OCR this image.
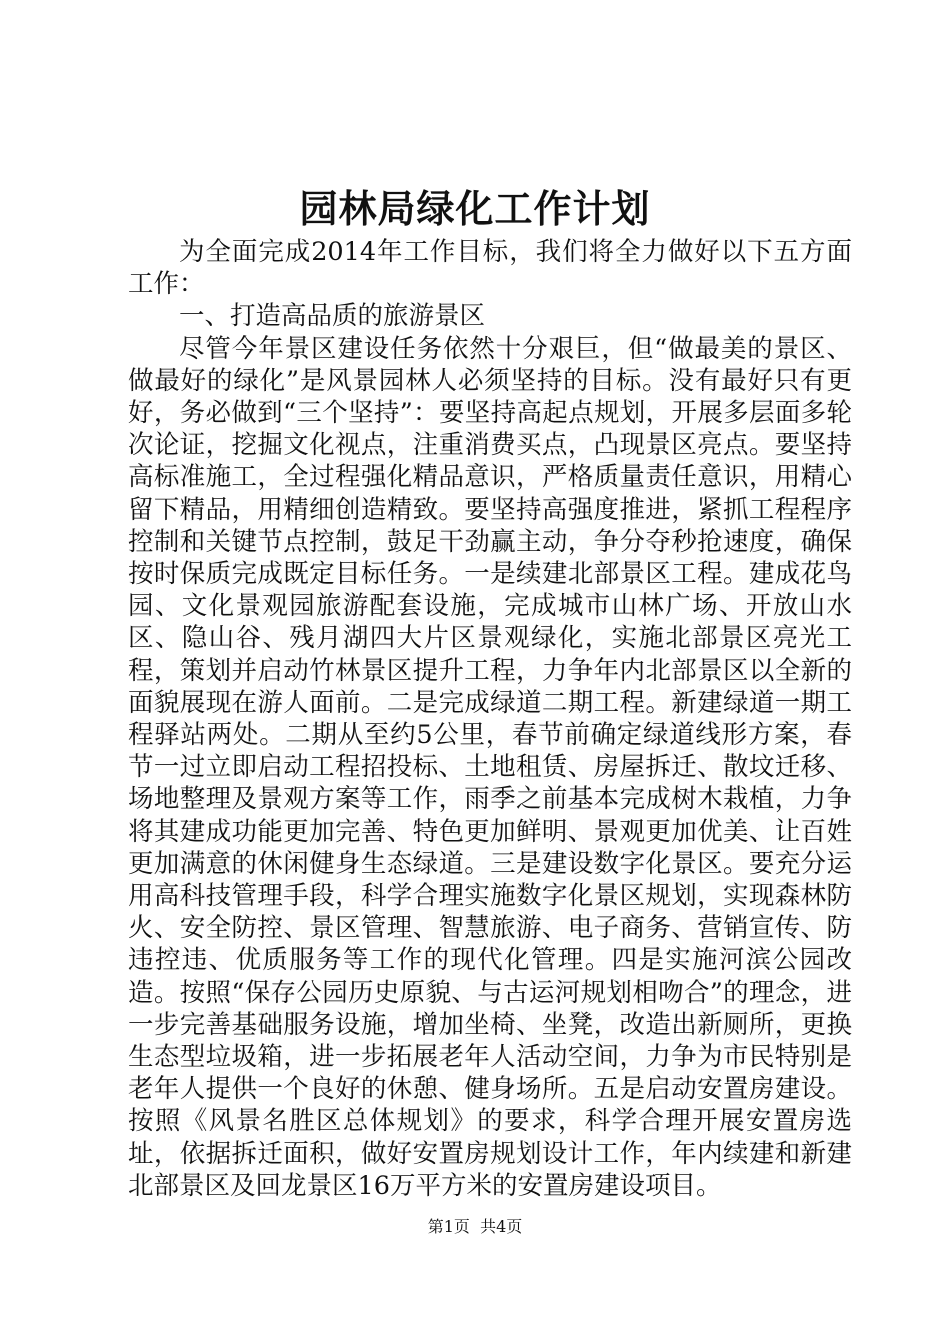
园林局绿化工作计划

为全面完成2014年工作目标，我们将全力做好以下五方面工作：

一、打造高品质的旅游景区

尽管今年景区建设任务依然十分艰巨，但“做最美的景区、做最好的绿化”是风景园林人必须坚持的目标。没有最好只有更好，务必做到“三个坚持”：要坚持高起点规划，开展多层面多轮次论证，挖掘文化视点，注重消费买点，凸现景区亮点。要坚持高标准施工，全过程强化精品意识，严格质量责任意识，用精心留下精品，用精细创造精致。要坚持高强度推进，紧抓工程程序控制和关键节点控制，鼓足干劲赢主动，争分夺秒抢速度，确保按时保质完成既定目标任务。一是续建北部景区工程。建成花鸟园、文化景观园旅游配套设施，完成城市山林广场、开放山水区、隐山谷、残月湖四大片区景观绿化，实施北部景区亮光工程，策划并启动竹林景区提升工程，力争年内北部景区以全新的面貌展现在游人面前。二是完成绿道二期工程。新建绿道一期工程驿站两处。二期从至约5公里，春节前确定绿道线形方案，春节一过立即启动工程招投标、土地租赁、房屋拆迁、散坟迁移、场地整理及景观方案等工作，雨季之前基本完成树木栽植，力争将其建成功能更加完善、特色更加鲜明、景观更加优美、让百姓更加满意的休闲健身生态绿道。三是建设数字化景区。要充分运用高科技管理手段，科学合理实施数字化景区规划，实现森林防火、安全防控、景区管理、智慧旅游、电子商务、营销宣传、防违控违、优质服务等工作的现代化管理。四是实施河滨公园改造。按照“保存公园历史原貌、与古运河规划相吻合”的理念，进一步完善基础服务设施，增加坐椅、坐凳，改造出新厕所，更换生态型垃圾箱，进一步拓展老年人活动空间，力争为市民特别是老年人提供一个良好的休憩、健身场所。五是启动安置房建设。按照《风景名胜区总体规划》的要求，科学合理开展安置房选址，依据拆迁面积，做好安置房规划设计工作，年内续建和新建北部景区及回龙景区16万平方米的安置房建设项目。

第1页  共4页
